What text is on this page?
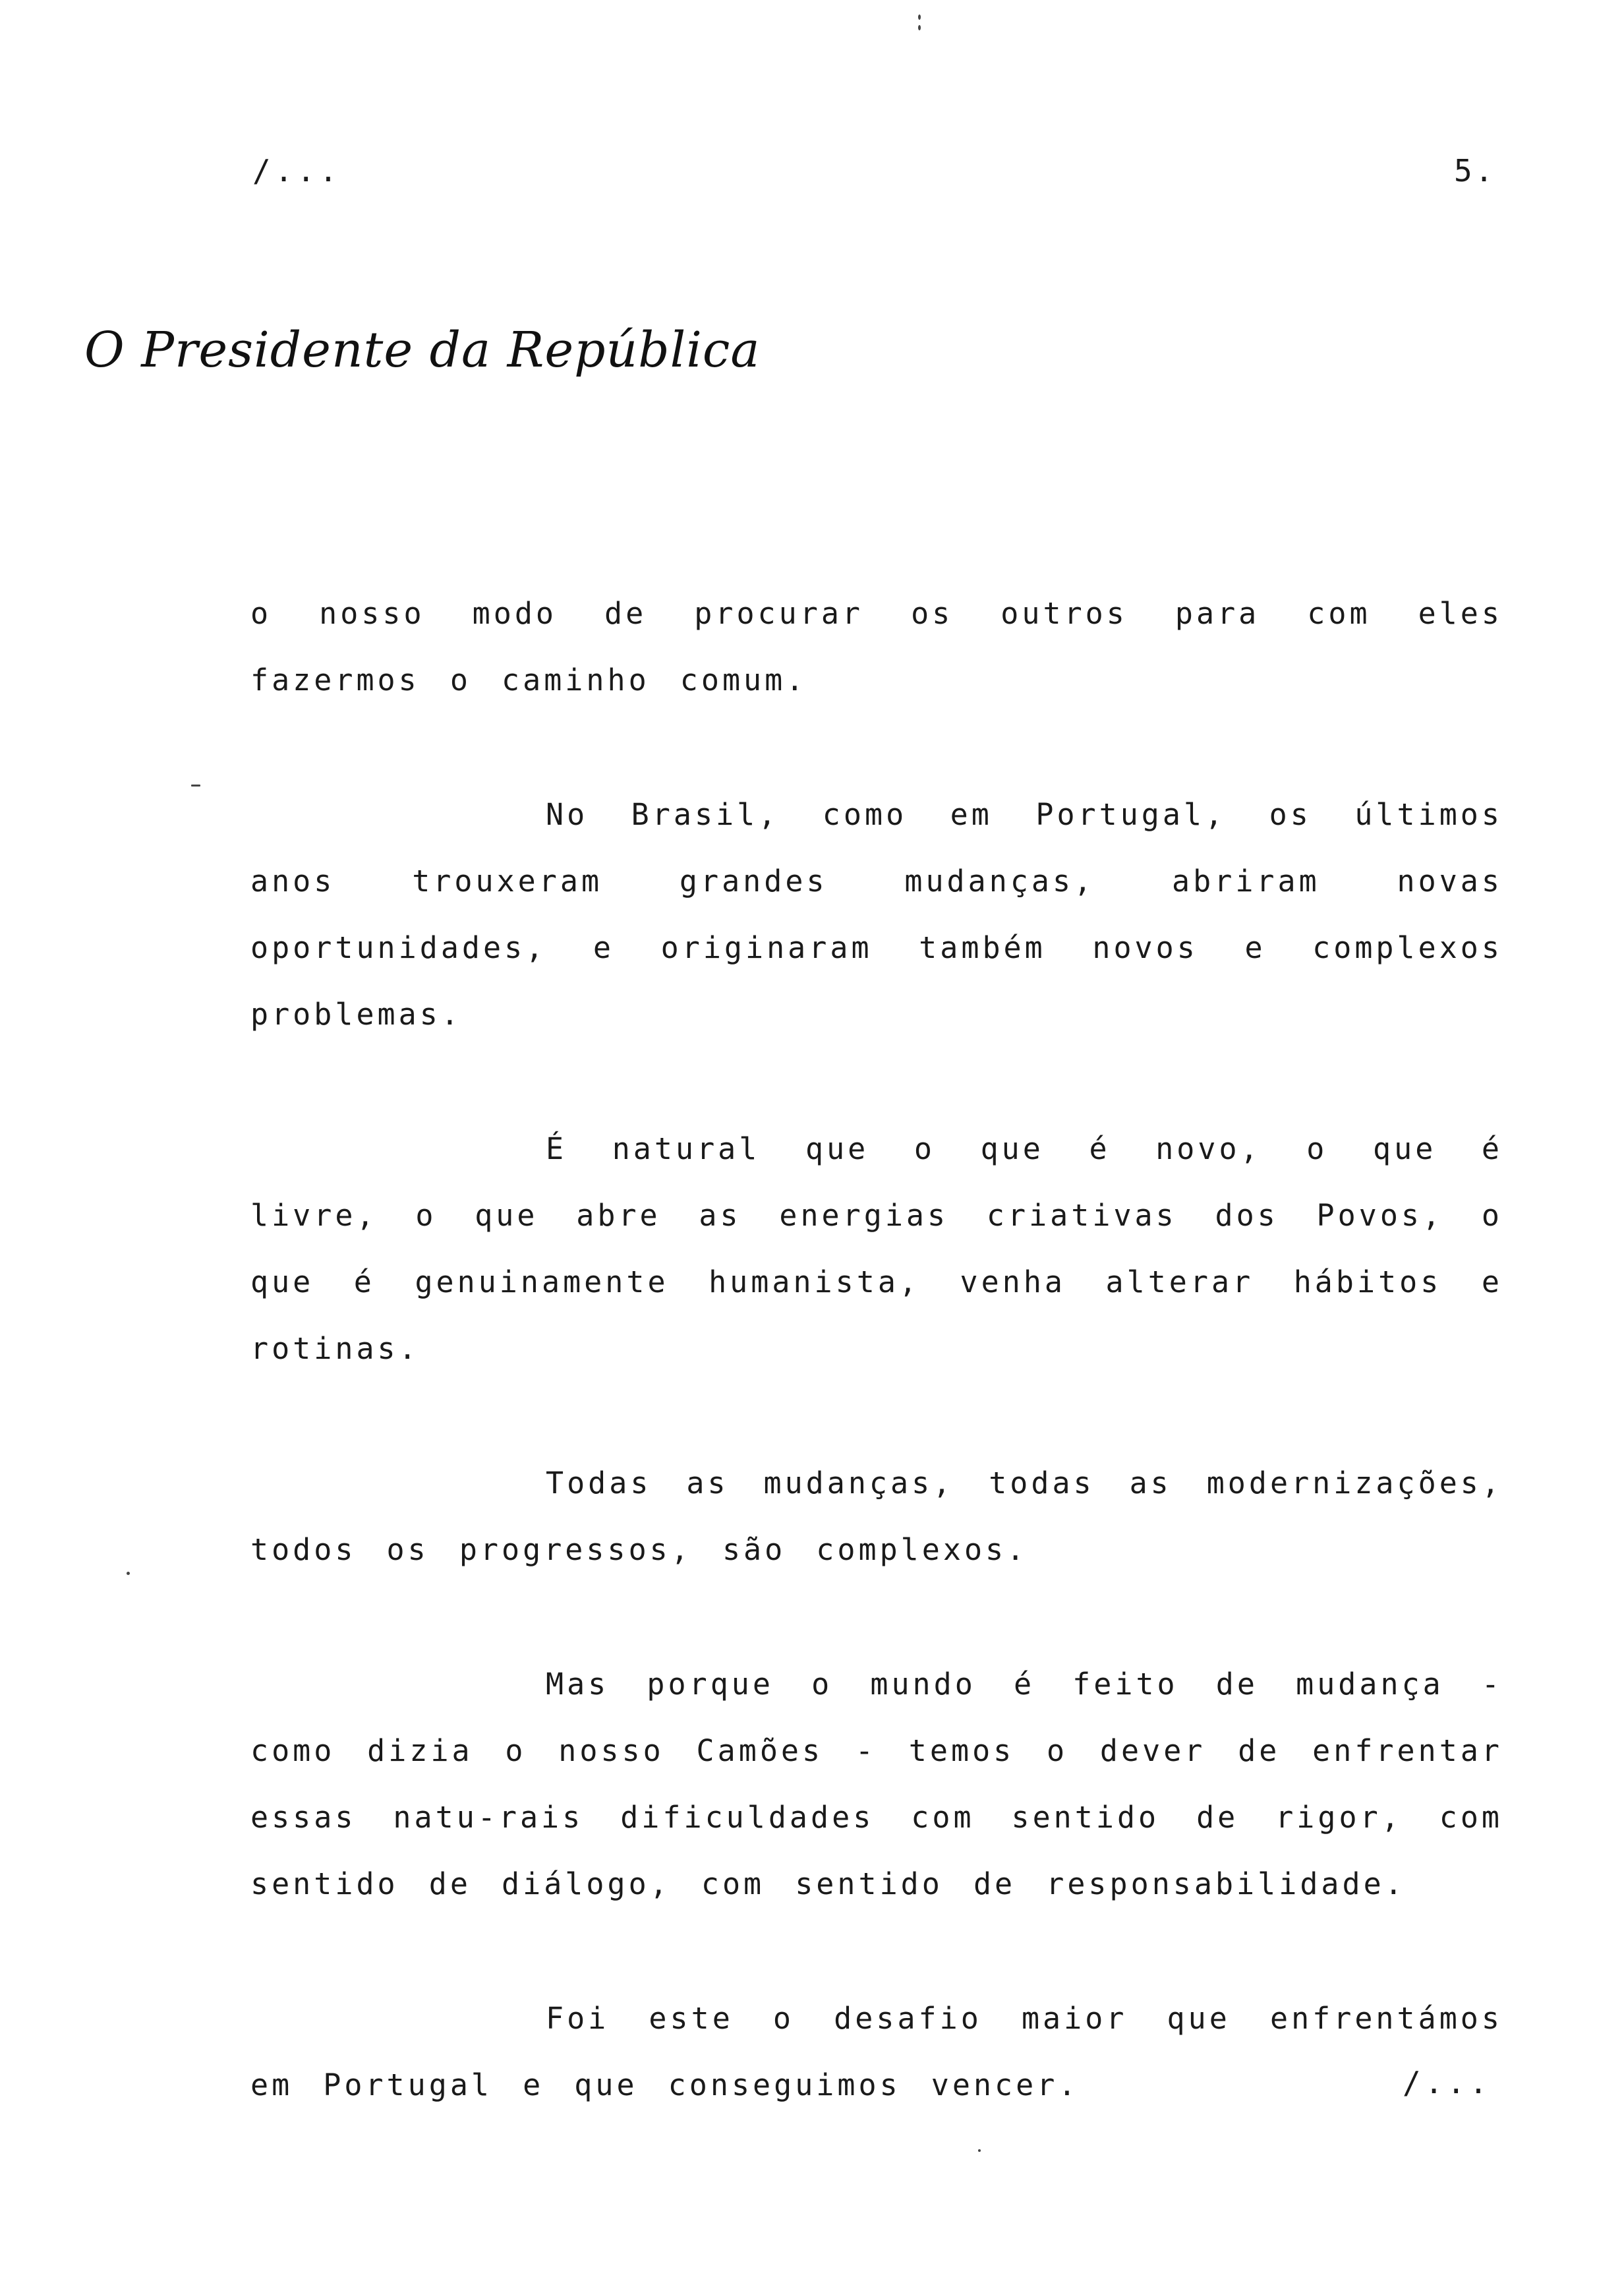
/...	5.
O Presidente da República

o nosso modo de procurar os outros para com eles fazermos o caminho comum.

No Brasil, como em Portugal, os últimos anos trouxeram grandes mudanças, abriram novas oportunidades, e originaram também novos e complexos problemas.

É natural que o que é novo, o que é livre, o que abre as energias criativas dos Povos, o que é genuinamente humanista, venha alterar hábitos e rotinas.

Todas as mudanças, todas as modernizações, todos os progressos, são complexos.

Mas porque o mundo é feito de mudança - como dizia o nosso Camões - temos o dever de enfrentar essas natu-rais dificuldades com sentido de rigor, com sentido de diálogo, com sentido de responsabilidade.

Foi este o desafio maior que enfrentámos em Portugal e que conseguimos vencer.	/...
